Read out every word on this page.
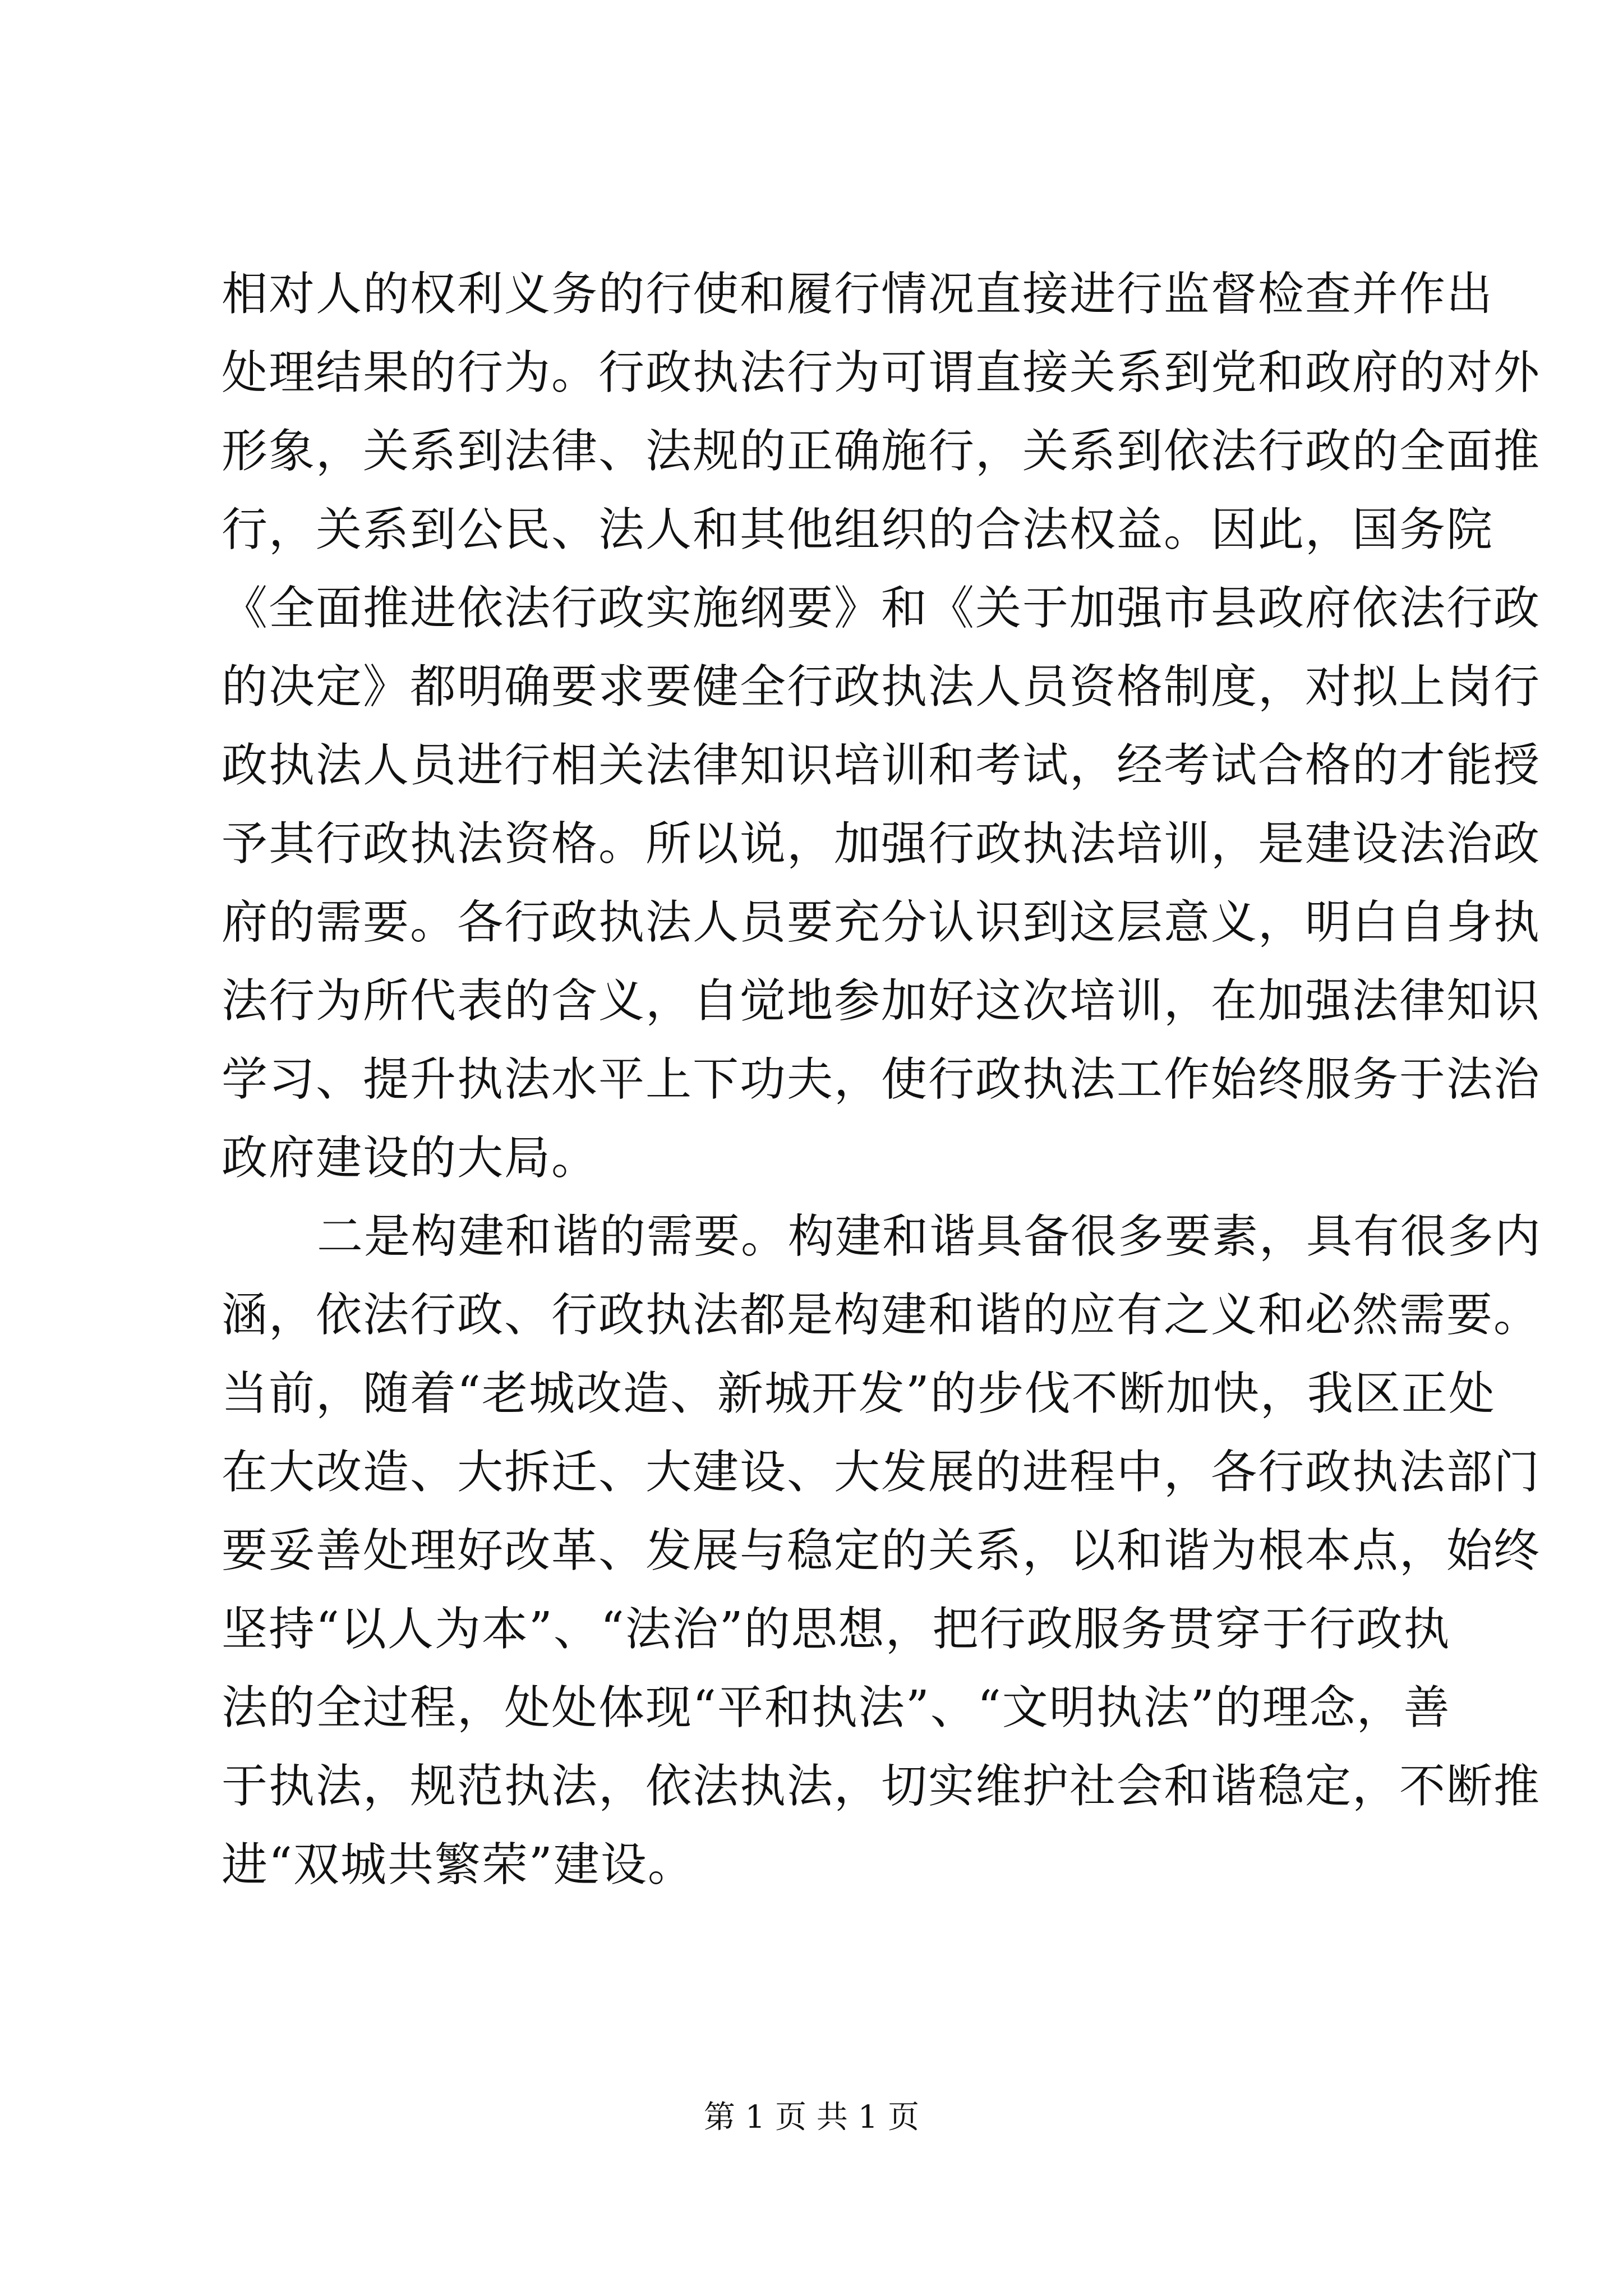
相对人的权利义务的行使和履行情况直接进行监督检查并作出
处理结果的行为。行政执法行为可谓直接关系到党和政府的对外
形象，关系到法律、法规的正确施行，关系到依法行政的全面推
行，关系到公民、法人和其他组织的合法权益。因此，国务院
《全面推进依法行政实施纲要》和《关于加强市县政府依法行政
的决定》都明确要求要健全行政执法人员资格制度，对拟上岗行
政执法人员进行相关法律知识培训和考试，经考试合格的才能授
予其行政执法资格。所以说，加强行政执法培训，是建设法治政
府的需要。各行政执法人员要充分认识到这层意义，明白自身执
法行为所代表的含义，自觉地参加好这次培训，在加强法律知识
学习、提升执法水平上下功夫，使行政执法工作始终服务于法治
政府建设的大局。
二是构建和谐的需要。构建和谐具备很多要素，具有很多内
涵，依法行政、行政执法都是构建和谐的应有之义和必然需要。
当前，随着“老城改造、新城开发”的步伐不断加快，我区正处
在大改造、大拆迁、大建设、大发展的进程中，各行政执法部门
要妥善处理好改革、发展与稳定的关系，以和谐为根本点，始终
坚持“以人为本”、“法治”的思想，把行政服务贯穿于行政执
法的全过程，处处体现“平和执法”、“文明执法”的理念，善
于执法，规范执法，依法执法，切实维护社会和谐稳定，不断推
进“双城共繁荣”建设。
第 1 页 共 1 页
